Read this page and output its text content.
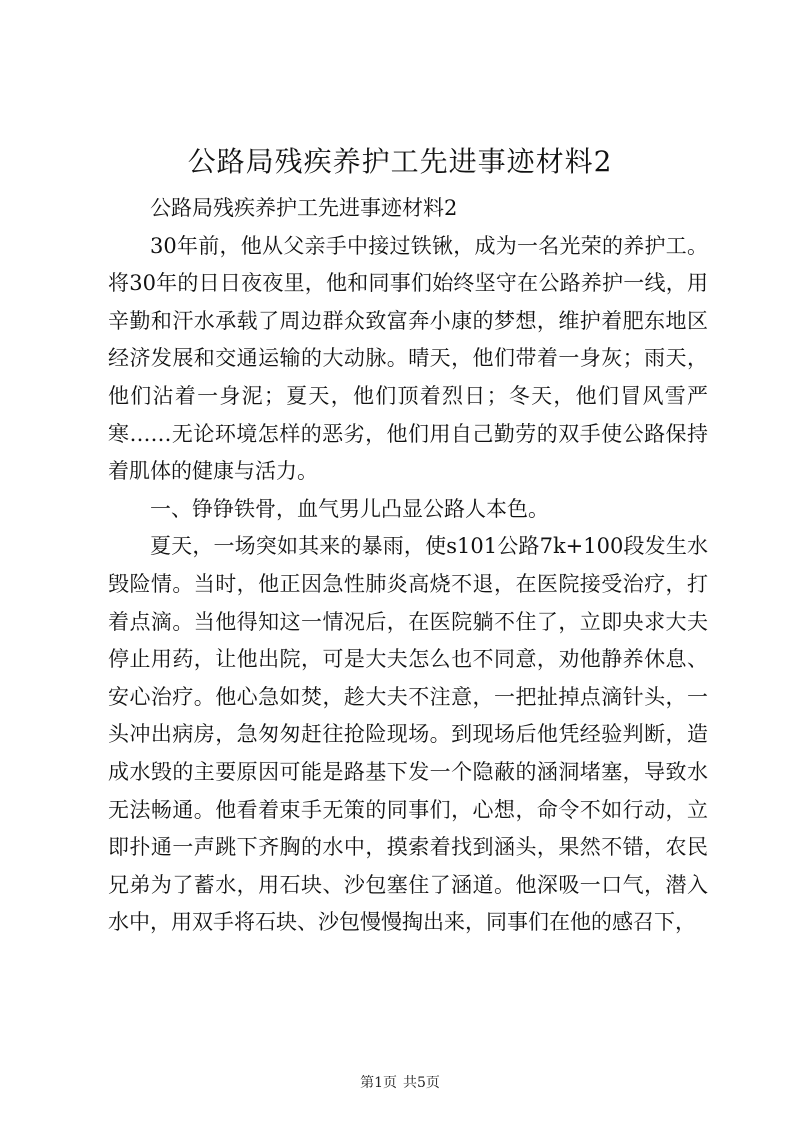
公路局残疾养护工先进事迹材料2

公路局残疾养护工先进事迹材料2

30年前，他从父亲手中接过铁锹，成为一名光荣的养护工。将30年的日日夜夜里，他和同事们始终坚守在公路养护一线，用辛勤和汗水承载了周边群众致富奔小康的梦想，维护着肥东地区经济发展和交通运输的大动脉。晴天，他们带着一身灰；雨天，他们沾着一身泥；夏天，他们顶着烈日；冬天，他们冒风雪严寒……无论环境怎样的恶劣，他们用自己勤劳的双手使公路保持着肌体的健康与活力。

一、铮铮铁骨，血气男儿凸显公路人本色。

夏天，一场突如其来的暴雨，使s101公路7k+100段发生水毁险情。当时，他正因急性肺炎高烧不退，在医院接受治疗，打着点滴。当他得知这一情况后，在医院躺不住了，立即央求大夫停止用药，让他出院，可是大夫怎么也不同意，劝他静养休息、安心治疗。他心急如焚，趁大夫不注意，一把扯掉点滴针头，一头冲出病房，急匆匆赶往抢险现场。到现场后他凭经验判断，造成水毁的主要原因可能是路基下发一个隐蔽的涵洞堵塞，导致水无法畅通。他看着束手无策的同事们，心想，命令不如行动，立即扑通一声跳下齐胸的水中，摸索着找到涵头，果然不错，农民兄弟为了蓄水，用石块、沙包塞住了涵道。他深吸一口气，潜入水中，用双手将石块、沙包慢慢掏出来，同事们在他的感召下，

第1页 共5页
